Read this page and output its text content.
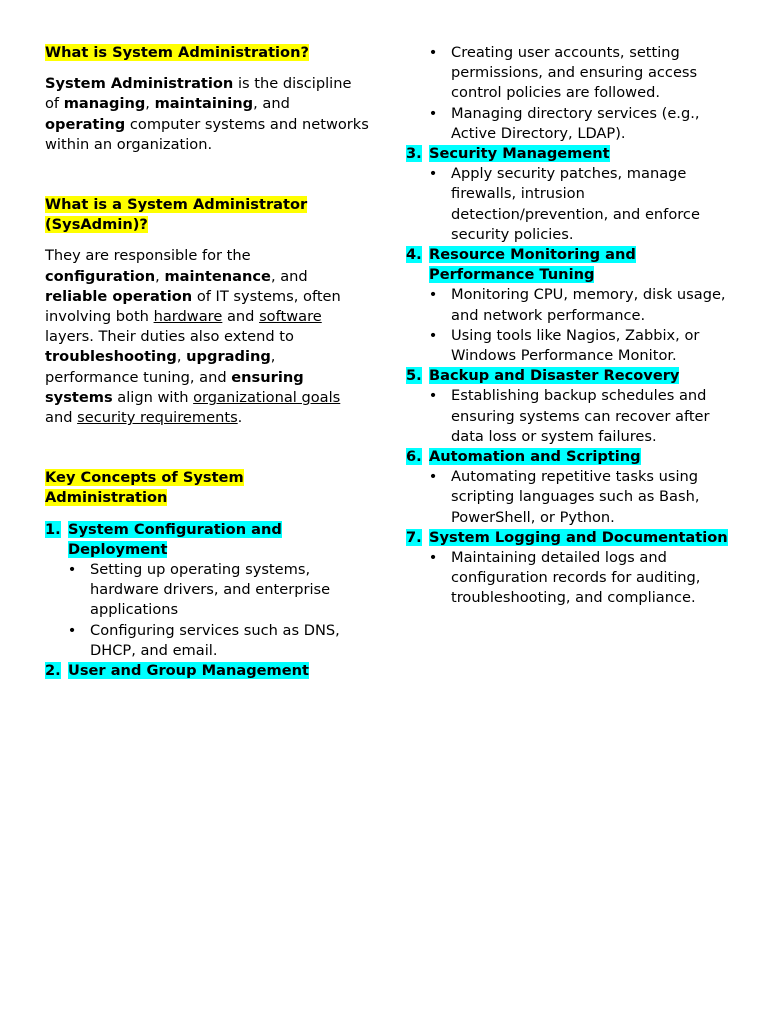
What is System Administration?

System Administration is the discipline of managing, maintaining, and operating computer systems and networks within an organization.

What is a System Administrator (SysAdmin)?

They are responsible for the configuration, maintenance, and reliable operation of IT systems, often involving both hardware and software layers. Their duties also extend to troubleshooting, upgrading, performance tuning, and ensuring systems align with organizational goals and security requirements.

Key Concepts of System Administration
1. System Configuration and Deployment
• Setting up operating systems, hardware drivers, and enterprise applications
• Configuring services such as DNS, DHCP, and email.
2. User and Group Management
• Creating user accounts, setting permissions, and ensuring access control policies are followed.
• Managing directory services (e.g., Active Directory, LDAP).
3. Security Management
• Apply security patches, manage firewalls, intrusion detection/prevention, and enforce security policies.
4. Resource Monitoring and Performance Tuning
• Monitoring CPU, memory, disk usage, and network performance.
• Using tools like Nagios, Zabbix, or Windows Performance Monitor.
5. Backup and Disaster Recovery
• Establishing backup schedules and ensuring systems can recover after data loss or system failures.
6. Automation and Scripting
• Automating repetitive tasks using scripting languages such as Bash, PowerShell, or Python.
7. System Logging and Documentation
• Maintaining detailed logs and configuration records for auditing, troubleshooting, and compliance.
